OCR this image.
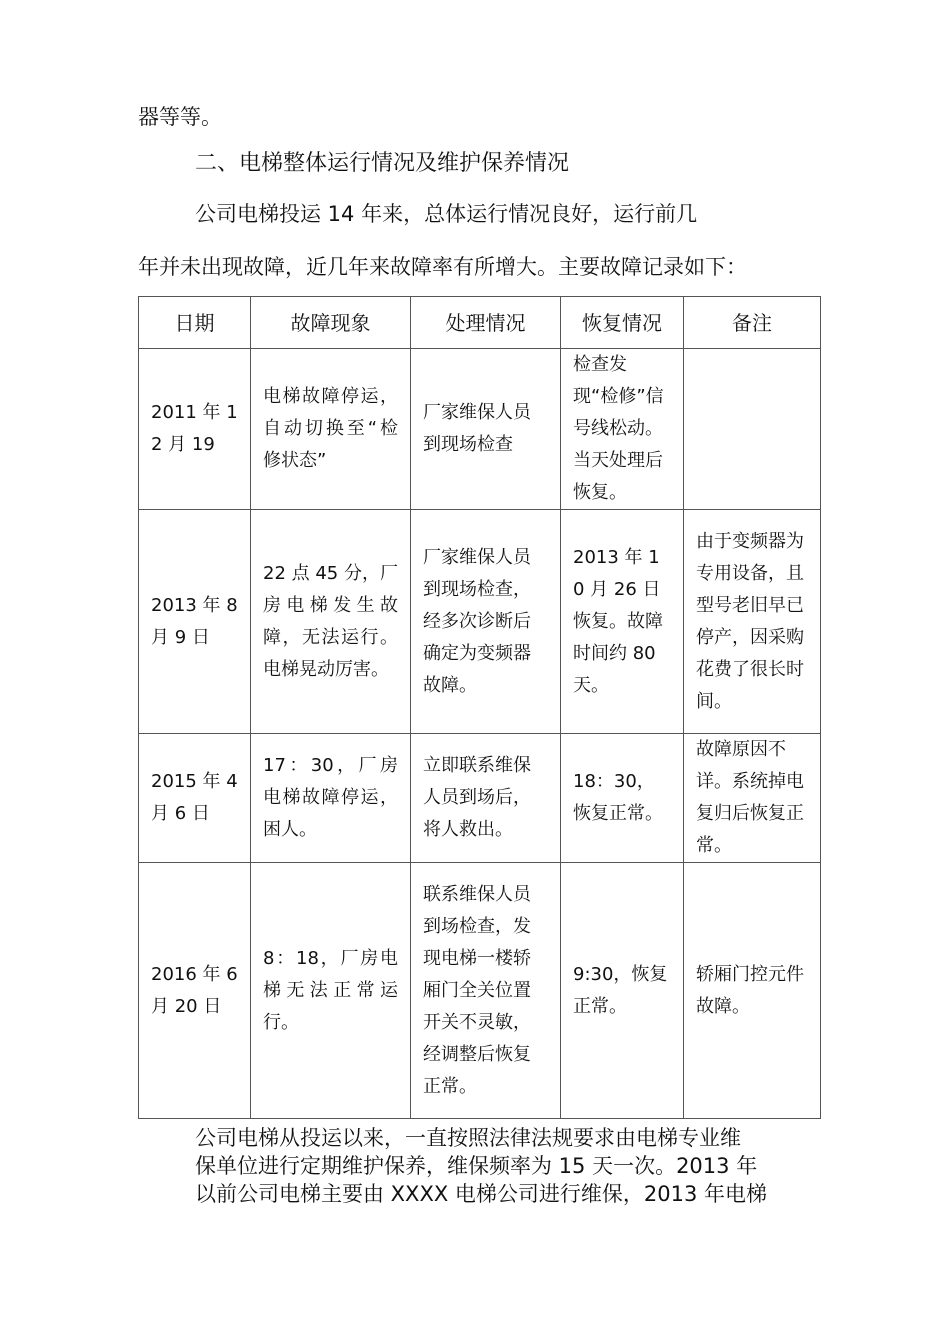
器等等。
二、电梯整体运行情况及维护保养情况
公司电梯投运 14 年来，总体运行情况良好，运行前几
年并未出现故障，近几年来故障率有所增大。主要故障记录如下：
日期	故障现象	处理情况	恢复情况	备注
2011 年 12 月 19	电梯故障停运，自动切换至“检修状态”	厂家维保人员到现场检查	检查发现“检修”信号线松动。当天处理后恢复。	
2013 年 8 月 9 日	22 点 45 分，厂房电梯发生故障，无法运行。电梯晃动厉害。	厂家维保人员到现场检查，经多次诊断后确定为变频器故障。	2013 年 10 月 26 日恢复。故障时间约 80 天。	由于变频器为专用设备，且型号老旧早已停产，因采购花费了很长时间。
2015 年 4 月 6 日	17：30，厂房电梯故障停运，困人。	立即联系维保人员到场后，将人救出。	18：30，恢复正常。	故障原因不详。系统掉电复归后恢复正常。
2016 年 6 月 20 日	8：18，厂房电梯无法正常运行。	联系维保人员到场检查，发现电梯一楼轿厢门全关位置开关不灵敏，经调整后恢复正常。	9:30，恢复正常。	轿厢门控元件故障。
公司电梯从投运以来，一直按照法律法规要求由电梯专业维
保单位进行定期维护保养，维保频率为 15 天一次。2013 年
以前公司电梯主要由 XXXX 电梯公司进行维保，2013 年电梯
